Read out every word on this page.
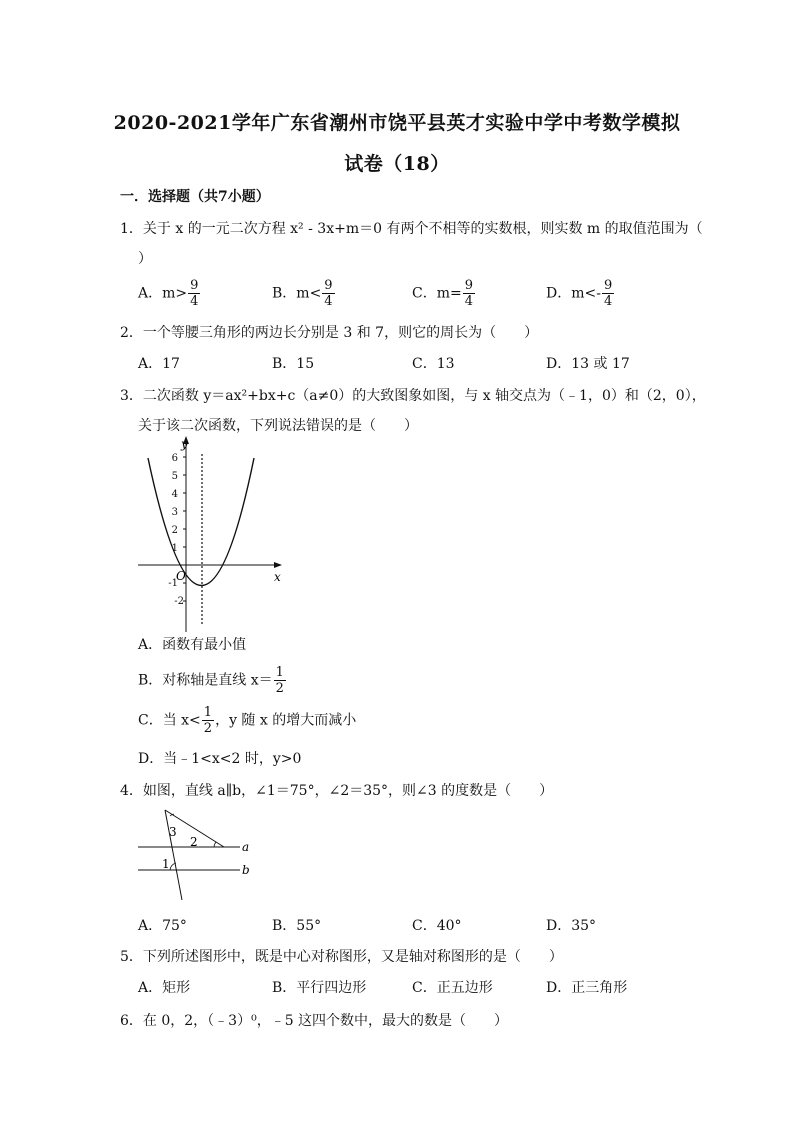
2020-2021学年广东省潮州市饶平县英才实验中学中考数学模拟
试卷（18）
一．选择题（共7小题）
1．关于 x 的一元二次方程 x² - 3x+m＝0 有两个不相等的实数根，则实数 m 的取值范围为（
）
A．$m> \frac{9}{4}$	B．$m< \frac{9}{4}$	C．$m= \frac{9}{4}$	D．$m<- \frac{9}{4}$
2．一个等腰三角形的两边长分别是 3 和 7，则它的周长为（　　）
A．17	B．15	C．13	D．13 或 17
3．二次函数 y＝ax²+bx+c（a≠0）的大致图象如图，与 x 轴交点为（﹣1，0）和（2，0），
关于该二次函数，下列说法错误的是（　　）
6
5
4
3
2
1
-1
-2
y
x
O
A．函数有最小值
B．对称轴是直线 $x= \frac{1}{2}$
C．当 $x< \frac{1}{2}$ ，y 随 x 的增大而减小
D．当﹣1<x<2 时，y>0
4．如图，直线 a∥b，∠1＝75°，∠2＝35°，则∠3 的度数是（　　）
a
b
1
2
3
A．75°	B．55°	C．40°	D．35°
5．下列所述图形中，既是中心对称图形，又是轴对称图形的是（　　）
A．矩形	B．平行四边形	C．正五边形	D．正三角形
6．在 0，2，（﹣3）⁰，﹣5 这四个数中，最大的数是（　　）
